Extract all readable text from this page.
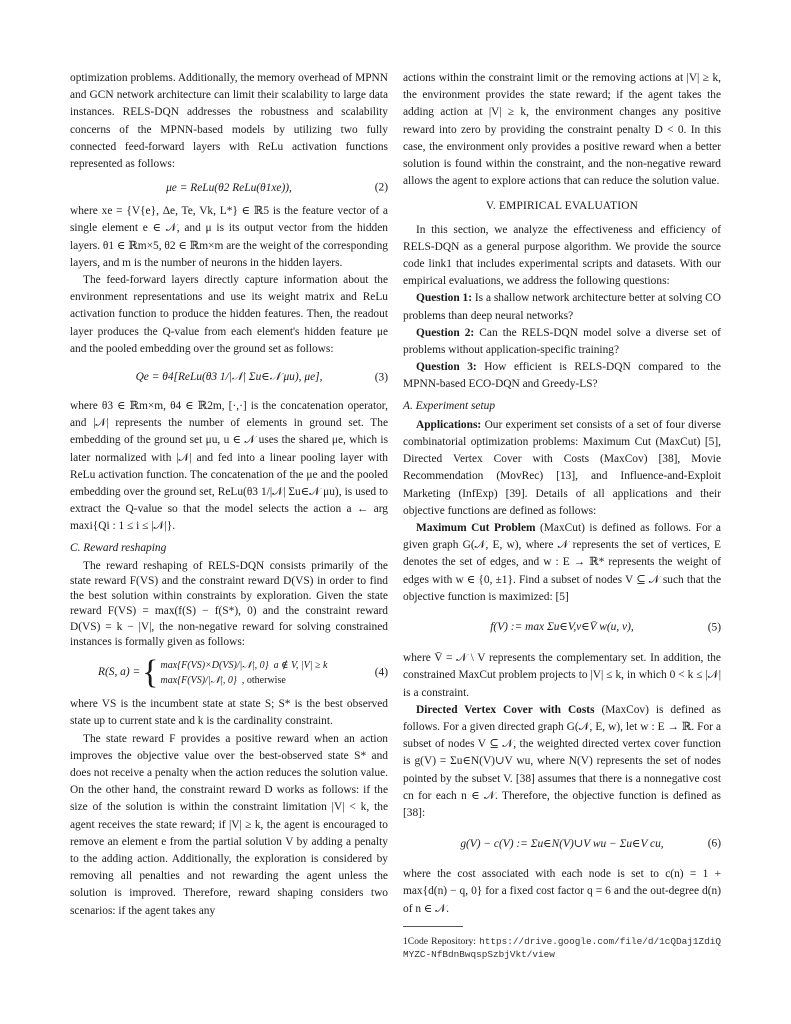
optimization problems. Additionally, the memory overhead of MPNN and GCN network architecture can limit their scalability to large data instances. RELS-DQN addresses the robustness and scalability concerns of the MPNN-based models by utilizing two fully connected feed-forward layers with ReLu activation functions represented as follows:

μe = ReLu(θ2 ReLu(θ1xe)),	(2)

where xe = {V{e}, Δe, Te, Vk, L*} ∈ ℝ5 is the feature vector of a single element e ∈ 𝒩, and μ is its output vector from the hidden layers. θ1 ∈ ℝm×5, θ2 ∈ ℝm×m are the weight of the corresponding layers, and m is the number of neurons in the hidden layers.

The feed-forward layers directly capture information about the environment representations and use its weight matrix and ReLu activation function to produce the hidden features. Then, the readout layer produces the Q-value from each element's hidden feature μe and the pooled embedding over the ground set as follows:

Qe = θ4[ReLu(θ3 1/|𝒩| Σu∈𝒩 μu), μe],	(3)

where θ3 ∈ ℝm×m, θ4 ∈ ℝ2m, [·,·] is the concatenation operator, and |𝒩| represents the number of elements in ground set. The embedding of the ground set μu, u ∈ 𝒩 uses the shared μe, which is later normalized with |𝒩| and fed into a linear pooling layer with ReLu activation function. The concatenation of the μe and the pooled embedding over the ground set, ReLu(θ3 1/|𝒩| Σu∈𝒩 μu), is used to extract the Q-value so that the model selects the action a ← arg maxi{Qi : 1 ≤ i ≤ |𝒩|}.

C. Reward reshaping

The reward reshaping of RELS-DQN consists primarily of the state reward F(VS) and the constraint reward D(VS) in order to find the best solution within constraints by exploration. Given the state reward F(VS) = max(f(S) − f(S*), 0) and the constraint reward D(VS) = k − |V|, the non-negative reward for solving constrained instances is formally given as follows:

R(S, a) = { max{F(VS)×D(VS)/|𝒩|, 0} a ∉ V, |V| ≥ k
max{F(VS)/|𝒩|, 0} , otherwise
(4)

where VS is the incumbent state at state S; S* is the best observed state up to current state and k is the cardinality constraint.

The state reward F provides a positive reward when an action improves the objective value over the best-observed state S* and does not receive a penalty when the action reduces the solution value. On the other hand, the constraint reward D works as follows: if the size of the solution is within the constraint limitation |V| < k, the agent receives the state reward; if |V| ≥ k, the agent is encouraged to remove an element e from the partial solution V by adding a penalty to the adding action. Additionally, the exploration is considered by removing all penalties and not rewarding the agent unless the solution is improved. Therefore, reward shaping considers two scenarios: if the agent takes any

actions within the constraint limit or the removing actions at |V| ≥ k, the environment provides the state reward; if the agent takes the adding action at |V| ≥ k, the environment changes any positive reward into zero by providing the constraint penalty D < 0. In this case, the environment only provides a positive reward when a better solution is found within the constraint, and the non-negative reward allows the agent to explore actions that can reduce the solution value.

V. EMPIRICAL EVALUATION

In this section, we analyze the effectiveness and efficiency of RELS-DQN as a general purpose algorithm. We provide the source code link1 that includes experimental scripts and datasets. With our empirical evaluations, we address the following questions:

Question 1: Is a shallow network architecture better at solving CO problems than deep neural networks?

Question 2: Can the RELS-DQN model solve a diverse set of problems without application-specific training?

Question 3: How efficient is RELS-DQN compared to the MPNN-based ECO-DQN and Greedy-LS?

A. Experiment setup

Applications: Our experiment set consists of a set of four diverse combinatorial optimization problems: Maximum Cut (MaxCut) [5], Directed Vertex Cover with Costs (MaxCov) [38], Movie Recommendation (MovRec) [13], and Influence-and-Exploit Marketing (InfExp) [39]. Details of all applications and their objective functions are defined as follows:

Maximum Cut Problem (MaxCut) is defined as follows. For a given graph G(𝒩, E, w), where 𝒩 represents the set of vertices, E denotes the set of edges, and w : E → ℝ* represents the weight of edges with w ∈ {0, ±1}. Find a subset of nodes V ⊆ 𝒩 such that the objective function is maximized: [5]

f(V) := max Σu∈V,v∈V̄ w(u, v),	(5)

where V̄ = 𝒩 \ V represents the complementary set. In addition, the constrained MaxCut problem projects to |V| ≤ k, in which 0 < k ≤ |𝒩| is a constraint.

Directed Vertex Cover with Costs (MaxCov) is defined as follows. For a given directed graph G(𝒩, E, w), let w : E → ℝ. For a subset of nodes V ⊆ 𝒩, the weighted directed vertex cover function is g(V) = Σu∈N(V)∪V wu, where N(V) represents the set of nodes pointed by the subset V. [38] assumes that there is a nonnegative cost cn for each n ∈ 𝒩. Therefore, the objective function is defined as [38]:

g(V) − c(V) := Σu∈N(V)∪V wu − Σu∈V cu,	(6)

where the cost associated with each node is set to c(n) = 1 + max{d(n) − q, 0} for a fixed cost factor q = 6 and the out-degree d(n) of n ∈ 𝒩.

1Code Repository: https://drive.google.com/file/d/1cQDaj1ZdiQMYZC-NfBdnBwqspSzbjVkt/view
